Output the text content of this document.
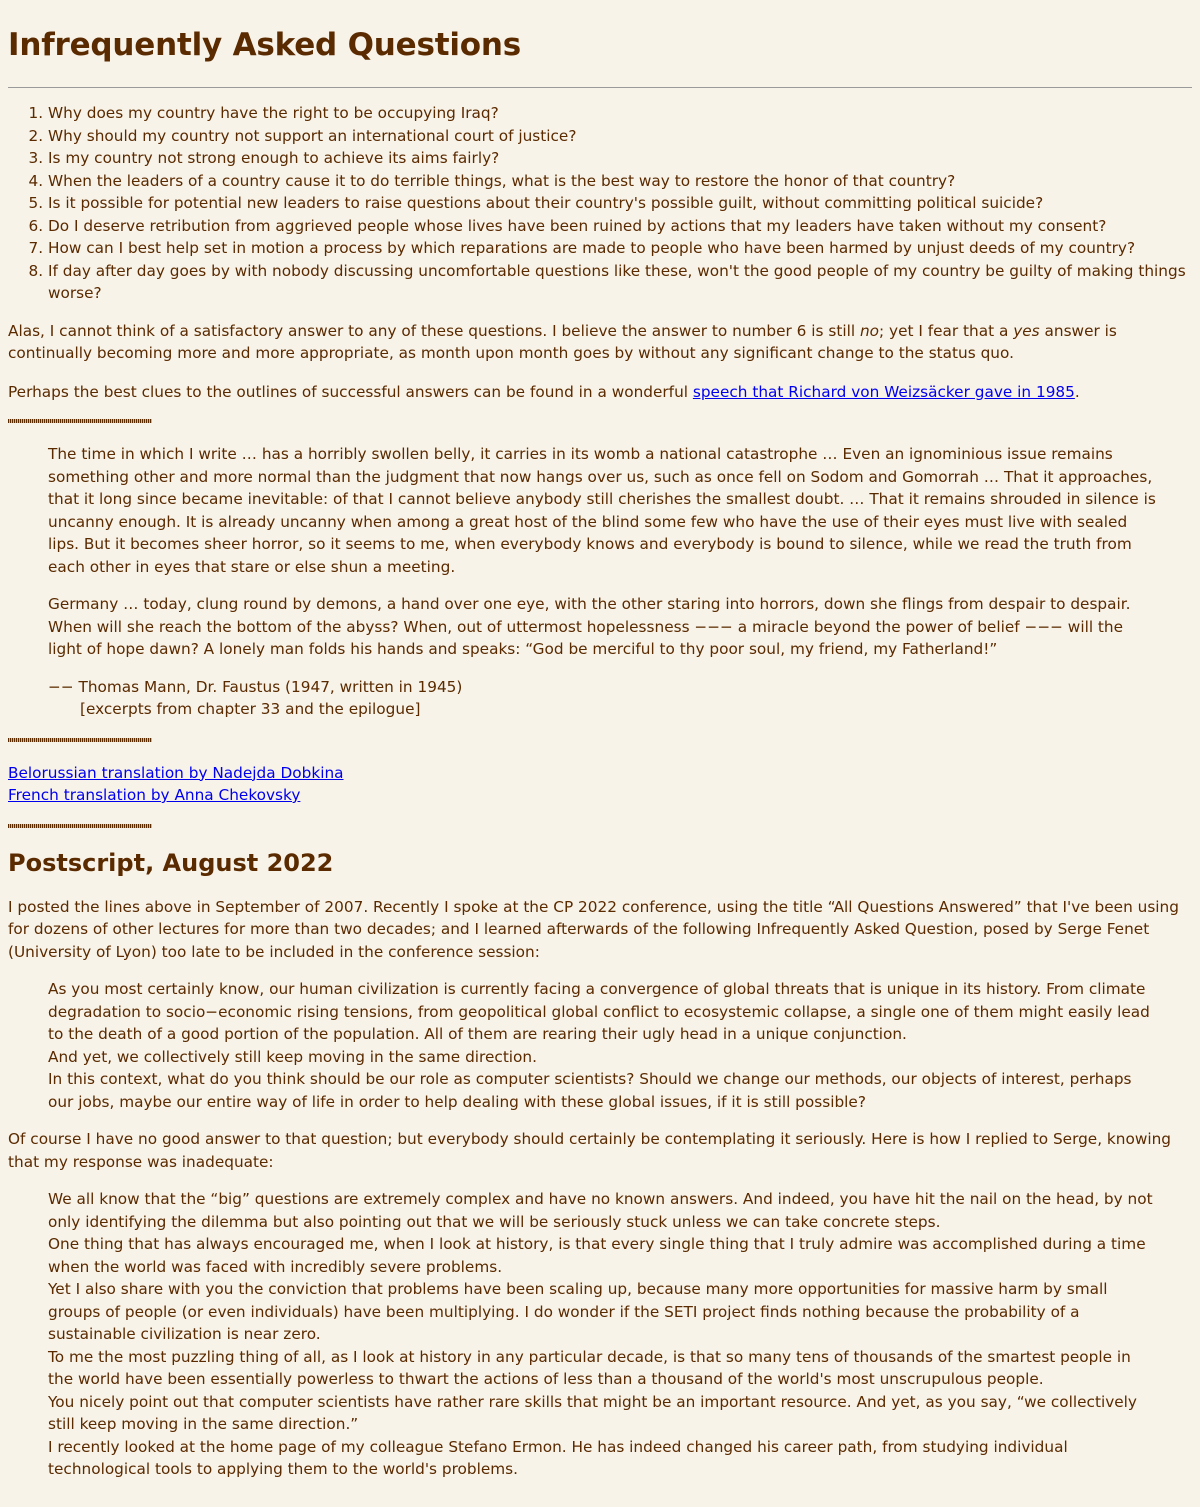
Infrequently Asked Questions
1. Why does my country have the right to be occupying Iraq?
2. Why should my country not support an international court of justice?
3. Is my country not strong enough to achieve its aims fairly?
4. When the leaders of a country cause it to do terrible things, what is the best way to restore the honor of that country?
5. Is it possible for potential new leaders to raise questions about their country's possible guilt, without committing political suicide?
6. Do I deserve retribution from aggrieved people whose lives have been ruined by actions that my leaders have taken without my consent?
7. How can I best help set in motion a process by which reparations are made to people who have been harmed by unjust deeds of my country?
8. If day after day goes by with nobody discussing uncomfortable questions like these, won't the good people of my country be guilty of making things worse?

Alas, I cannot think of a satisfactory answer to any of these questions. I believe the answer to number 6 is still no; yet I fear that a yes answer is continually becoming more and more appropriate, as month upon month goes by without any significant change to the status quo.

Perhaps the best clues to the outlines of successful answers can be found in a wonderful speech that Richard von Weizsäcker gave in 1985.

The time in which I write … has a horribly swollen belly, it carries in its womb a national catastrophe … Even an ignominious issue remains something other and more normal than the judgment that now hangs over us, such as once fell on Sodom and Gomorrah … That it approaches, that it long since became inevitable: of that I cannot believe anybody still cherishes the smallest doubt. … That it remains shrouded in silence is uncanny enough. It is already uncanny when among a great host of the blind some few who have the use of their eyes must live with sealed lips. But it becomes sheer horror, so it seems to me, when everybody knows and everybody is bound to silence, while we read the truth from each other in eyes that stare or else shun a meeting.

Germany … today, clung round by demons, a hand over one eye, with the other staring into horrors, down she flings from despair to despair. When will she reach the bottom of the abyss? When, out of uttermost hopelessness −−− a miracle beyond the power of belief −−− will the light of hope dawn? A lonely man folds his hands and speaks: “God be merciful to thy poor soul, my friend, my Fatherland!”

−− Thomas Mann, Dr. Faustus (1947, written in 1945)
[excerpts from chapter 33 and the epilogue]
Belorussian translation by Nadejda Dobkina
French translation by Anna Chekovsky
Postscript, August 2022

I posted the lines above in September of 2007. Recently I spoke at the CP 2022 conference, using the title “All Questions Answered” that I've been using for dozens of other lectures for more than two decades; and I learned afterwards of the following Infrequently Asked Question, posed by Serge Fenet (University of Lyon) too late to be included in the conference session:

As you most certainly know, our human civilization is currently facing a convergence of global threats that is unique in its history. From climate degradation to socio−economic rising tensions, from geopolitical global conflict to ecosystemic collapse, a single one of them might easily lead to the death of a good portion of the population. All of them are rearing their ugly head in a unique conjunction.
And yet, we collectively still keep moving in the same direction.
In this context, what do you think should be our role as computer scientists? Should we change our methods, our objects of interest, perhaps our jobs, maybe our entire way of life in order to help dealing with these global issues, if it is still possible?

Of course I have no good answer to that question; but everybody should certainly be contemplating it seriously. Here is how I replied to Serge, knowing that my response was inadequate:

We all know that the “big” questions are extremely complex and have no known answers. And indeed, you have hit the nail on the head, by not only identifying the dilemma but also pointing out that we will be seriously stuck unless we can take concrete steps.
One thing that has always encouraged me, when I look at history, is that every single thing that I truly admire was accomplished during a time when the world was faced with incredibly severe problems.
Yet I also share with you the conviction that problems have been scaling up, because many more opportunities for massive harm by small groups of people (or even individuals) have been multiplying. I do wonder if the SETI project finds nothing because the probability of a sustainable civilization is near zero.
To me the most puzzling thing of all, as I look at history in any particular decade, is that so many tens of thousands of the smartest people in the world have been essentially powerless to thwart the actions of less than a thousand of the world's most unscrupulous people.
You nicely point out that computer scientists have rather rare skills that might be an important resource. And yet, as you say, “we collectively still keep moving in the same direction.”
I recently looked at the home page of my colleague Stefano Ermon. He has indeed changed his career path, from studying individual technological tools to applying them to the world's problems.
